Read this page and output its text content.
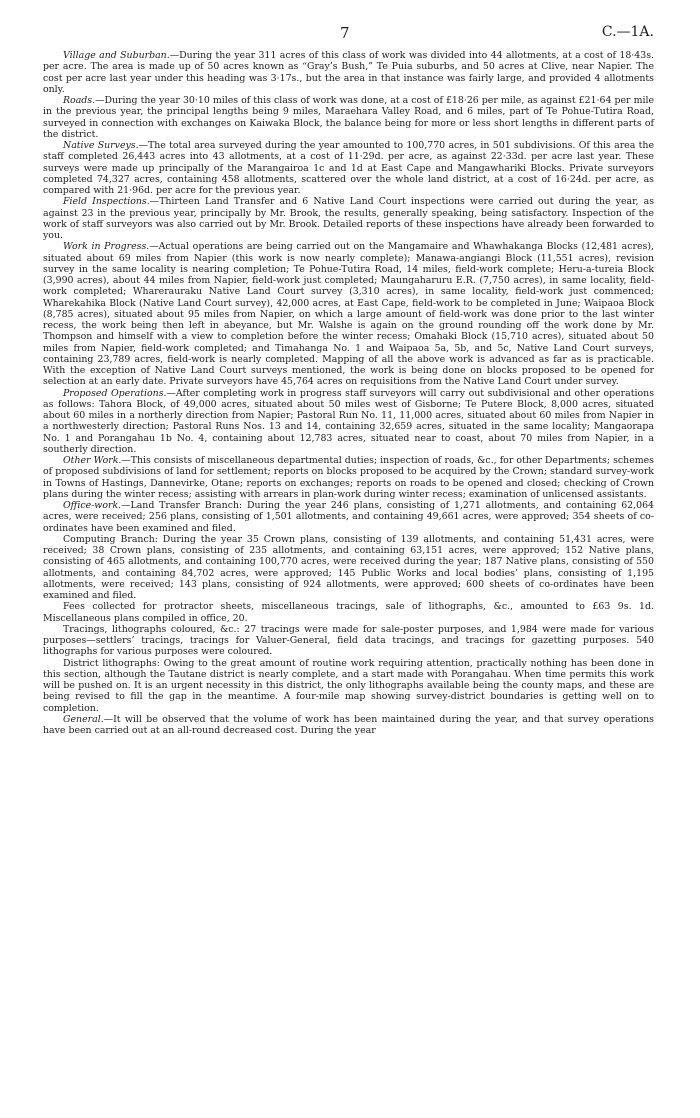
7	C.—1A.

Village and Suburban.—During the year 311 acres of this class of work was divided into 44 allotments, at a cost of 18·43s. per acre. The area is made up of 50 acres known as “Gray’s Bush,” Te Puia suburbs, and 50 acres at Clive, near Napier. The cost per acre last year under this heading was 3·17s., but the area in that instance was fairly large, and provided 4 allotments only.

Roads.—During the year 30·10 miles of this class of work was done, at a cost of £18·26 per mile, as against £21·64 per mile in the previous year, the principal lengths being 9 miles, Maraehara Valley Road, and 6 miles, part of Te Pohue-Tutira Road, surveyed in connection with exchanges on Kaiwaka Block, the balance being for more or less short lengths in different parts of the district.

Native Surveys.—The total area surveyed during the year amounted to 100,770 acres, in 501 subdivisions. Of this area the staff completed 26,443 acres into 43 allotments, at a cost of 11·29d. per acre, as against 22·33d. per acre last year. These surveys were made up principally of the Marangairoa 1c and 1d at East Cape and Mangawhariki Blocks. Private surveyors completed 74,327 acres, containing 458 allotments, scattered over the whole land district, at a cost of 16·24d. per acre, as compared with 21·96d. per acre for the previous year.

Field Inspections.—Thirteen Land Transfer and 6 Native Land Court inspections were carried out during the year, as against 23 in the previous year, principally by Mr. Brook, the results, generally speaking, being satisfactory. Inspection of the work of staff surveyors was also carried out by Mr. Brook. Detailed reports of these inspections have already been forwarded to you.

Work in Progress.—Actual operations are being carried out on the Mangamaire and Whawhakanga Blocks (12,481 acres), situated about 69 miles from Napier (this work is now nearly complete); Manawa-angiangi Block (11,551 acres), revision survey in the same locality is nearing completion; Te Pohue-Tutira Road, 14 miles, field-work complete; Heru-a-tureia Block (3,990 acres), about 44 miles from Napier, field-work just completed; Maungaharuru E.R. (7,750 acres), in same locality, field-work completed; Wharerauraku Native Land Court survey (3,310 acres), in same locality, field-work just commenced; Wharekahika Block (Native Land Court survey), 42,000 acres, at East Cape, field-work to be completed in June; Waipaoa Block (8,785 acres), situated about 95 miles from Napier, on which a large amount of field-work was done prior to the last winter recess, the work being then left in abeyance, but Mr. Walshe is again on the ground rounding off the work done by Mr. Thompson and himself with a view to completion before the winter recess; Omahaki Block (15,710 acres), situated about 50 miles from Napier, field-work completed; and Timahanga No. 1 and Waipaoa 5a, 5b, and 5c, Native Land Court surveys, containing 23,789 acres, field-work is nearly completed. Mapping of all the above work is advanced as far as is practicable. With the exception of Native Land Court surveys mentioned, the work is being done on blocks proposed to be opened for selection at an early date. Private surveyors have 45,764 acres on requisitions from the Native Land Court under survey.

Proposed Operations.—After completing work in progress staff surveyors will carry out subdivisional and other operations as follows: Tahora Block, of 49,000 acres, situated about 50 miles west of Gisborne; Te Putere Block, 8,000 acres, situated about 60 miles in a northerly direction from Napier; Pastoral Run No. 11, 11,000 acres, situated about 60 miles from Napier in a northwesterly direction; Pastoral Runs Nos. 13 and 14, containing 32,659 acres, situated in the same locality; Mangaorapa No. 1 and Porangahau 1b No. 4, containing about 12,783 acres, situated near to coast, about 70 miles from Napier, in a southerly direction.

Other Work.—This consists of miscellaneous departmental duties; inspection of roads, &c., for other Departments; schemes of proposed subdivisions of land for settlement; reports on blocks proposed to be acquired by the Crown; standard survey-work in Towns of Hastings, Dannevirke, Otane; reports on exchanges; reports on roads to be opened and closed; checking of Crown plans during the winter recess; assisting with arrears in plan-work during winter recess; examination of unlicensed assistants.

Office-work.—Land Transfer Branch: During the year 246 plans, consisting of 1,271 allotments, and containing 62,064 acres, were received; 256 plans, consisting of 1,501 allotments, and containing 49,661 acres, were approved; 354 sheets of co-ordinates have been examined and filed.

Computing Branch: During the year 35 Crown plans, consisting of 139 allotments, and containing 51,431 acres, were received; 38 Crown plans, consisting of 235 allotments, and containing 63,151 acres, were approved; 152 Native plans, consisting of 465 allotments, and containing 100,770 acres, were received during the year; 187 Native plans, consisting of 550 allotments, and containing 84,702 acres, were approved; 145 Public Works and local bodies’ plans, consisting of 1,195 allotments, were received; 143 plans, consisting of 924 allotments, were approved; 600 sheets of co-ordinates have been examined and filed.

Fees collected for protractor sheets, miscellaneous tracings, sale of lithographs, &c., amounted to £63 9s. 1d. Miscellaneous plans compiled in office, 20.

Tracings, lithographs coloured, &c.: 27 tracings were made for sale-poster purposes, and 1,984 were made for various purposes—settlers’ tracings, tracings for Valuer-General, field data tracings, and tracings for gazetting purposes. 540 lithographs for various purposes were coloured.

District lithographs: Owing to the great amount of routine work requiring attention, practically nothing has been done in this section, although the Tautane district is nearly complete, and a start made with Porangahau. When time permits this work will be pushed on. It is an urgent necessity in this district, the only lithographs available being the county maps, and these are being revised to fill the gap in the meantime. A four-mile map showing survey-district boundaries is getting well on to completion.

General.—It will be observed that the volume of work has been maintained during the year, and that survey operations have been carried out at an all-round decreased cost. During the year
